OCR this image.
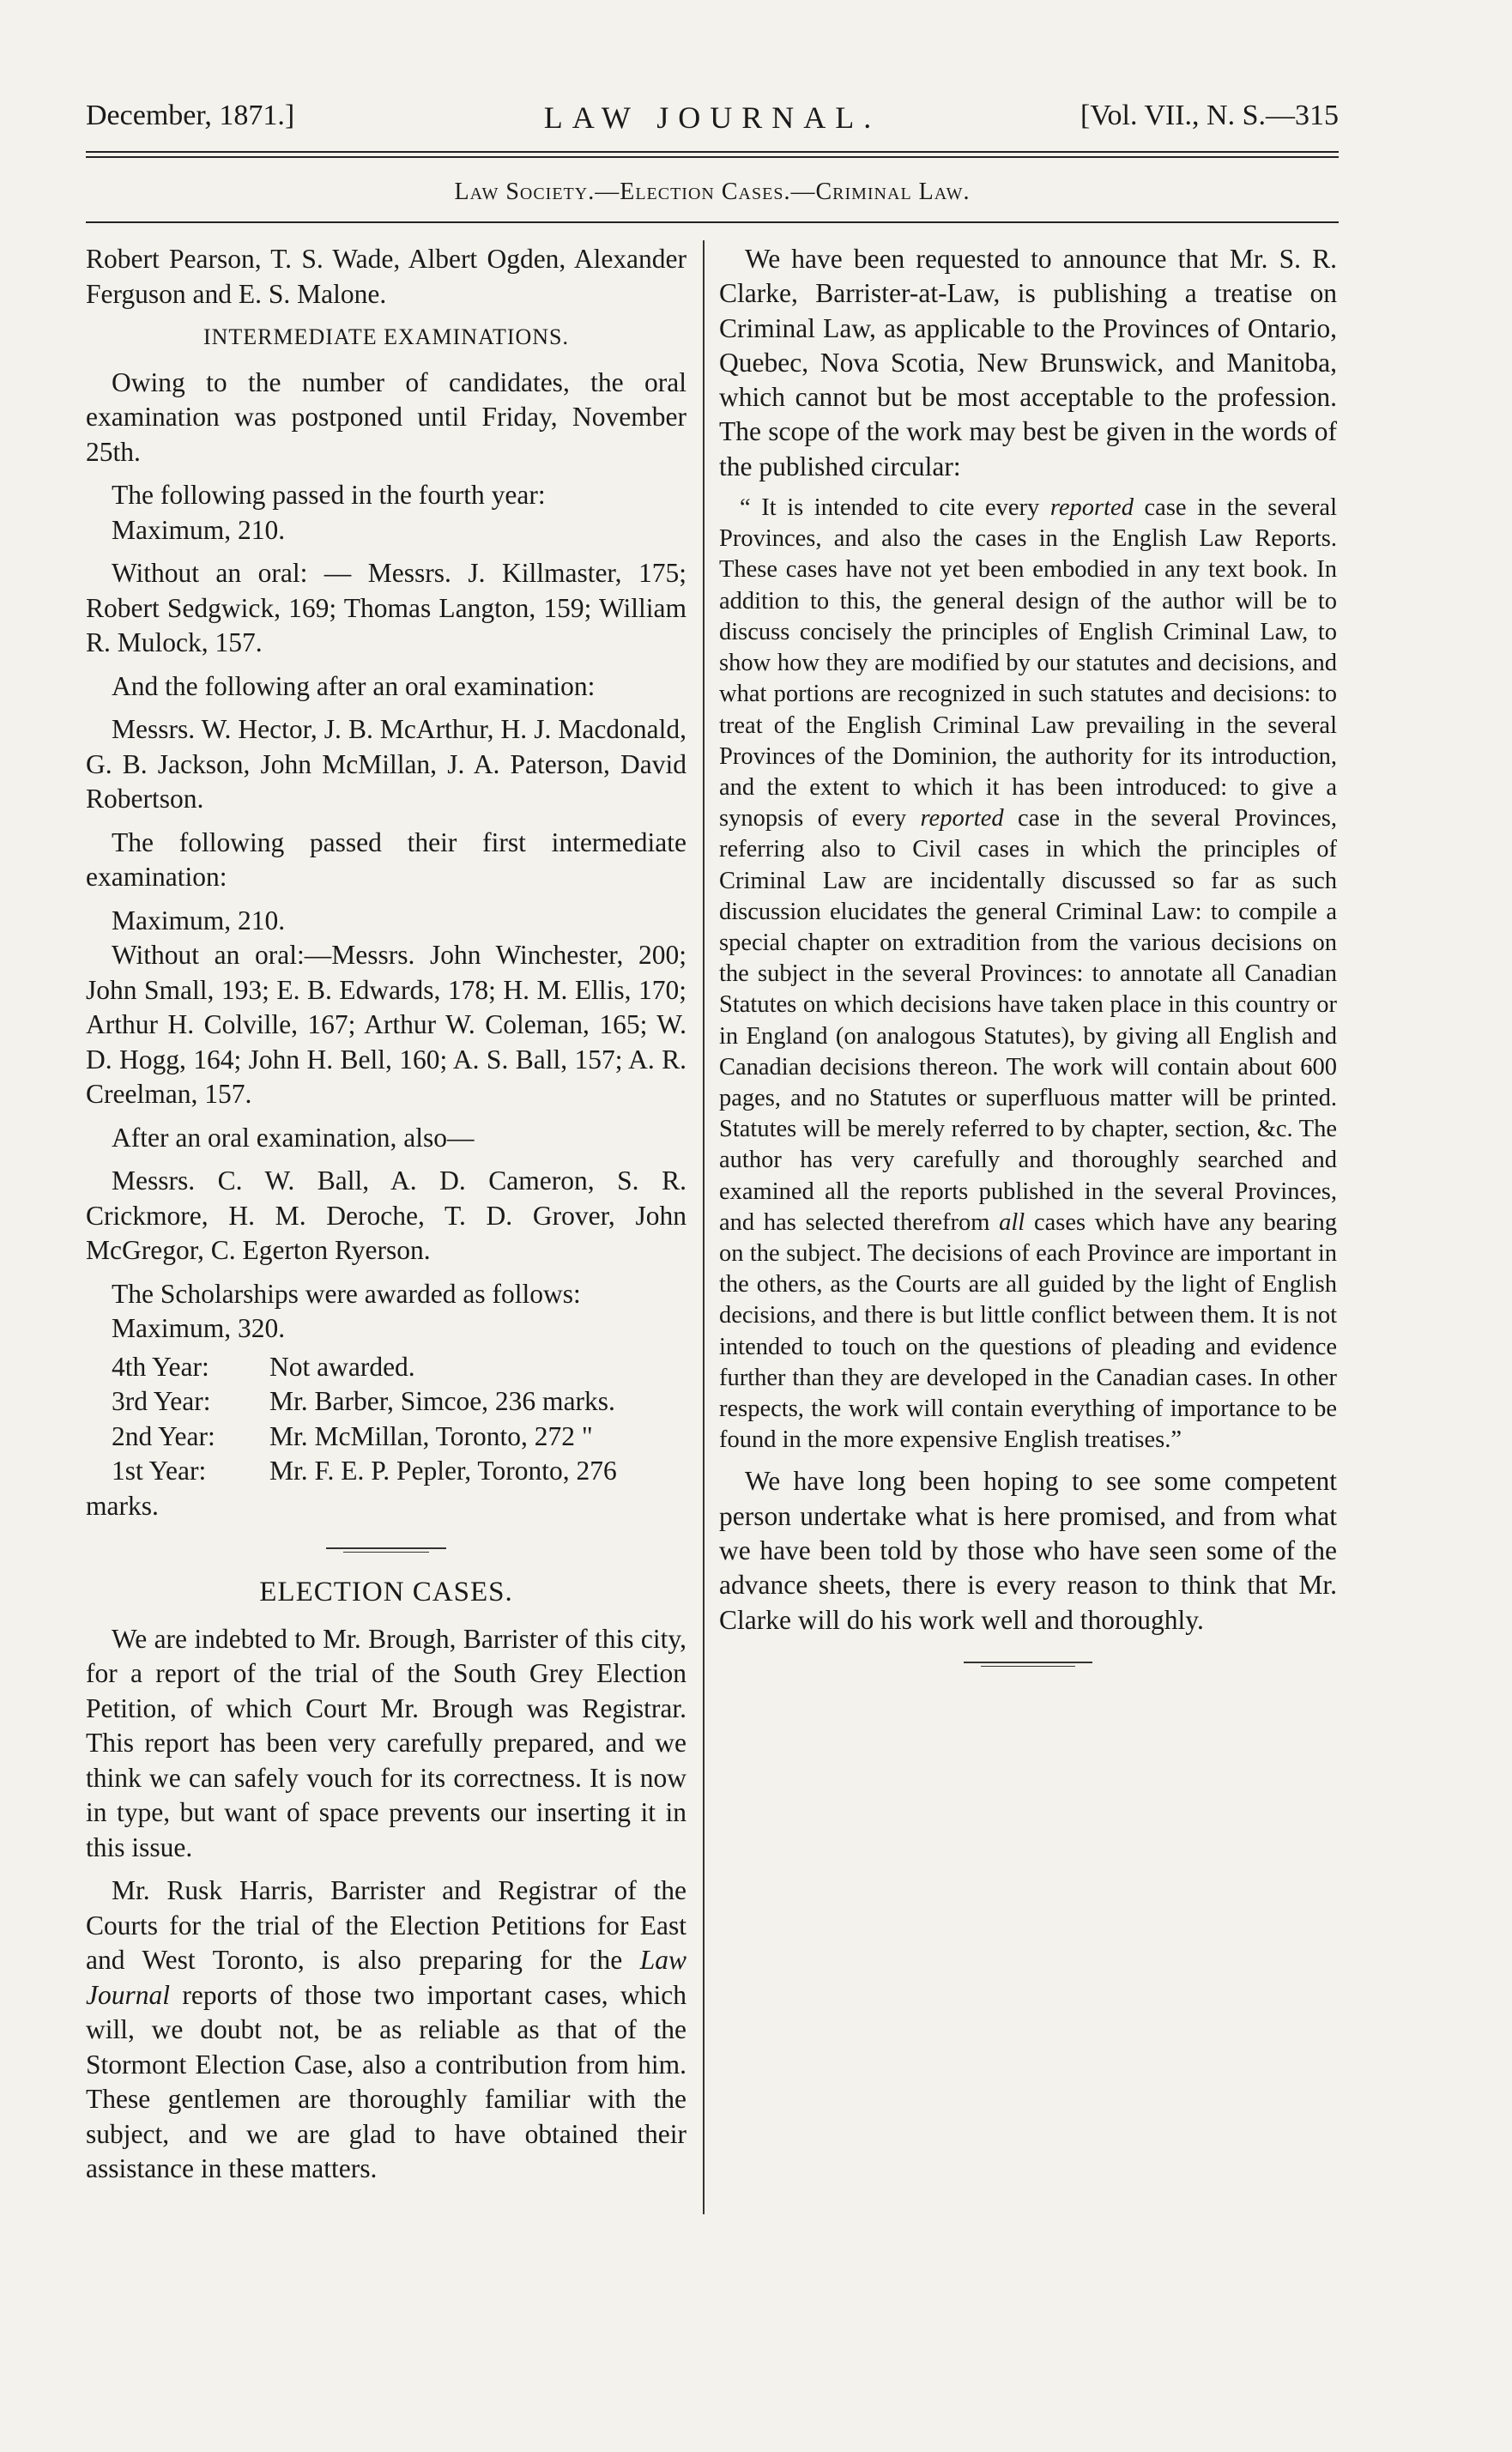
December, 1871.]	LAW JOURNAL.	[Vol. VII., N. S.—315
Law Society.—Election Cases.—Criminal Law.

Robert Pearson, T. S. Wade, Albert Ogden, Alexander Ferguson and E. S. Malone.

INTERMEDIATE EXAMINATIONS.

Owing to the number of candidates, the oral examination was postponed until Friday, November 25th.

The following passed in the fourth year:

Maximum, 210.

Without an oral: — Messrs. J. Killmaster, 175; Robert Sedgwick, 169; Thomas Langton, 159; William R. Mulock, 157.

And the following after an oral examination:

Messrs. W. Hector, J. B. McArthur, H. J. Macdonald, G. B. Jackson, John McMillan, J. A. Paterson, David Robertson.

The following passed their first intermediate examination:

Maximum, 210.

Without an oral:—Messrs. John Winchester, 200; John Small, 193; E. B. Edwards, 178; H. M. Ellis, 170; Arthur H. Colville, 167; Arthur W. Coleman, 165; W. D. Hogg, 164; John H. Bell, 160; A. S. Ball, 157; A. R. Creelman, 157.

After an oral examination, also—

Messrs. C. W. Ball, A. D. Cameron, S. R. Crickmore, H. M. Deroche, T. D. Grover, John McGregor, C. Egerton Ryerson.

The Scholarships were awarded as follows:

Maximum, 320.

4th Year:	Not awarded.
3rd Year:	Mr. Barber, Simcoe, 236 marks.
2nd Year:	Mr. McMillan, Toronto, 272 "
1st Year:	Mr. F. E. P. Pepler, Toronto, 276

marks.

ELECTION CASES.

We are indebted to Mr. Brough, Barrister of this city, for a report of the trial of the South Grey Election Petition, of which Court Mr. Brough was Registrar. This report has been very carefully prepared, and we think we can safely vouch for its correctness. It is now in type, but want of space prevents our inserting it in this issue.

Mr. Rusk Harris, Barrister and Registrar of the Courts for the trial of the Election Petitions for East and West Toronto, is also preparing for the Law Journal reports of those two important cases, which will, we doubt not, be as reliable as that of the Stormont Election Case, also a contribution from him. These gentlemen are thoroughly familiar with the subject, and we are glad to have obtained their assistance in these matters.

We have been requested to announce that Mr. S. R. Clarke, Barrister-at-Law, is publishing a treatise on Criminal Law, as applicable to the Provinces of Ontario, Quebec, Nova Scotia, New Brunswick, and Manitoba, which cannot but be most acceptable to the profession. The scope of the work may best be given in the words of the published circular:

“ It is intended to cite every reported case in the several Provinces, and also the cases in the English Law Reports. These cases have not yet been embodied in any text book. In addition to this, the general design of the author will be to discuss concisely the principles of English Criminal Law, to show how they are modified by our statutes and decisions, and what portions are recognized in such statutes and decisions: to treat of the English Criminal Law prevailing in the several Provinces of the Dominion, the authority for its introduction, and the extent to which it has been introduced: to give a synopsis of every reported case in the several Provinces, referring also to Civil cases in which the principles of Criminal Law are incidentally discussed so far as such discussion elucidates the general Criminal Law: to compile a special chapter on extradition from the various decisions on the subject in the several Provinces: to annotate all Canadian Statutes on which decisions have taken place in this country or in England (on analogous Statutes), by giving all English and Canadian decisions thereon. The work will contain about 600 pages, and no Statutes or superfluous matter will be printed. Statutes will be merely referred to by chapter, section, &c. The author has very carefully and thoroughly searched and examined all the reports published in the several Provinces, and has selected therefrom all cases which have any bearing on the subject. The decisions of each Province are important in the others, as the Courts are all guided by the light of English decisions, and there is but little conflict between them. It is not intended to touch on the questions of pleading and evidence further than they are developed in the Canadian cases. In other respects, the work will contain everything of importance to be found in the more expensive English treatises.”

We have long been hoping to see some competent person undertake what is here promised, and from what we have been told by those who have seen some of the advance sheets, there is every reason to think that Mr. Clarke will do his work well and thoroughly.
